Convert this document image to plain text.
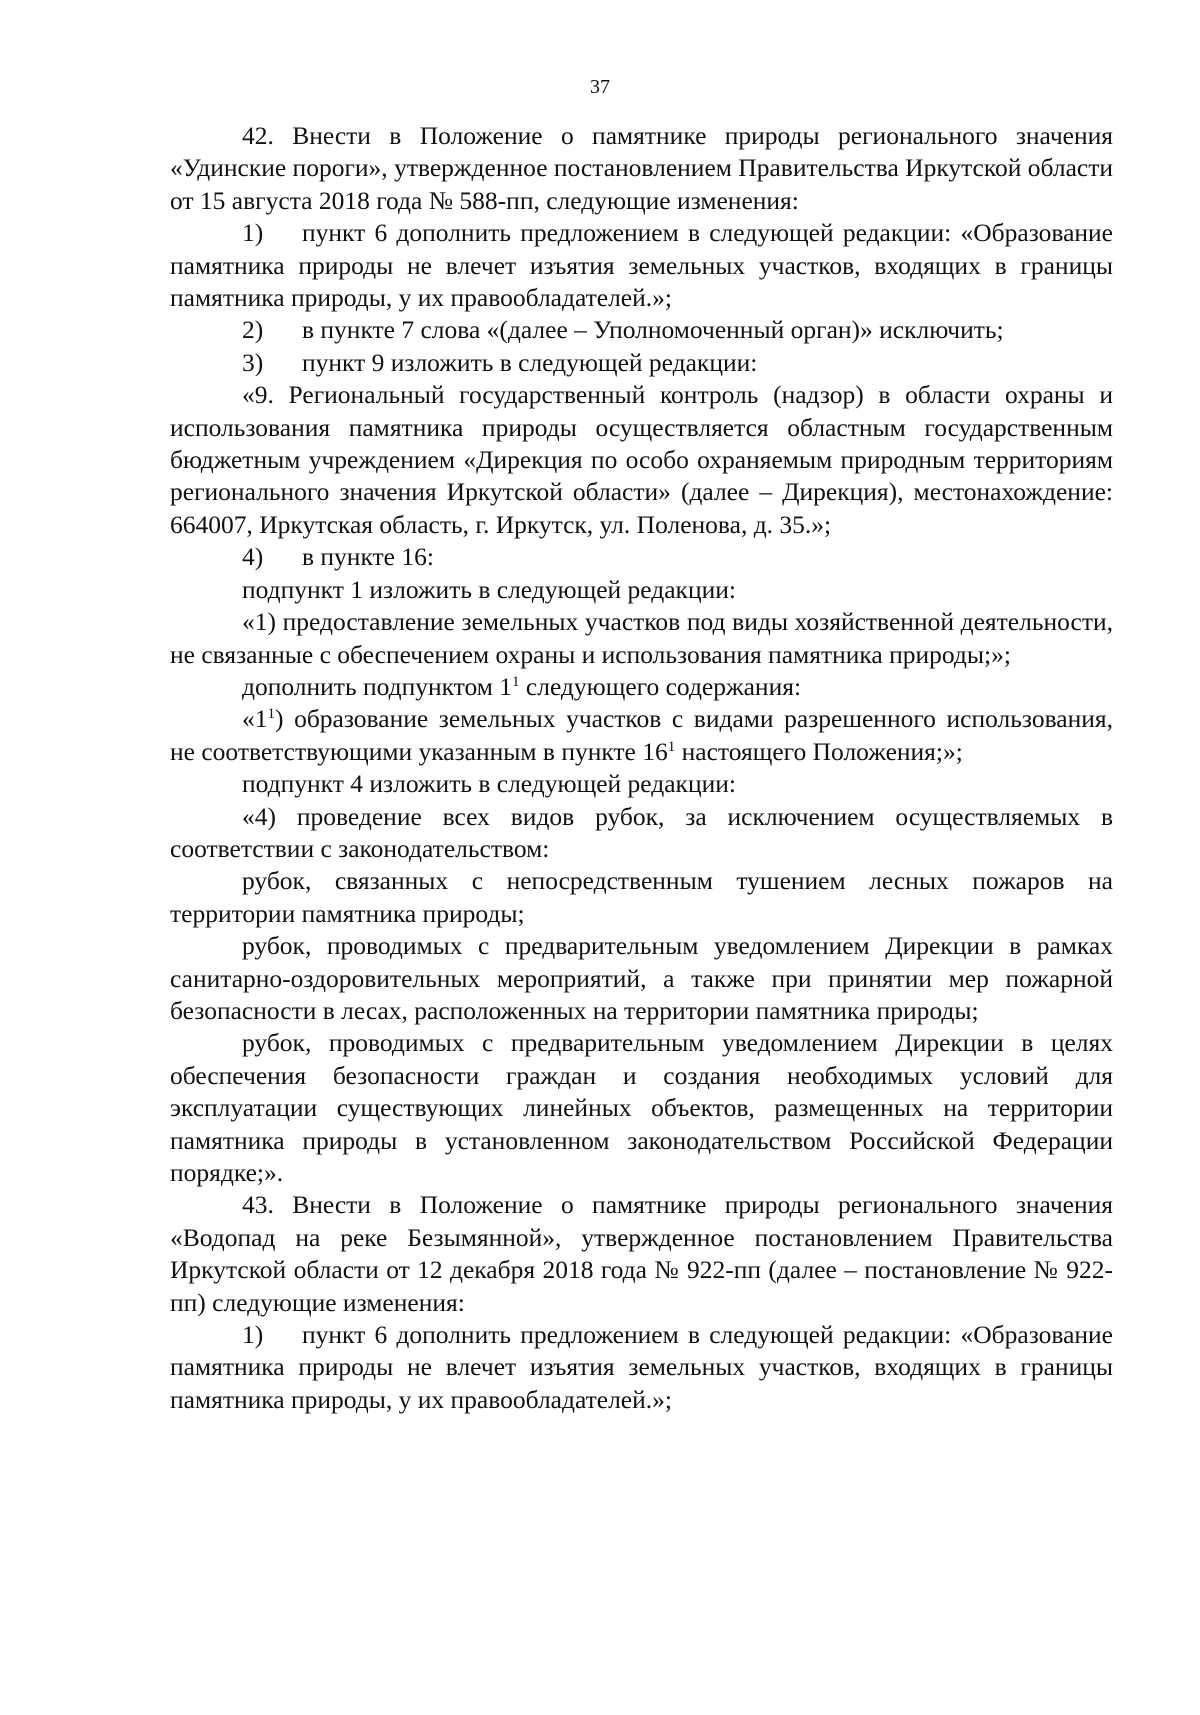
37

42. Внести в Положение о памятнике природы регионального значения «Удинские пороги», утвержденное постановлением Правительства Иркутской области от 15 августа 2018 года № 588-пп, следующие изменения:

1) пункт 6 дополнить предложением в следующей редакции: «Образование памятника природы не влечет изъятия земельных участков, входящих в границы памятника природы, у их правообладателей.»;

2) в пункте 7 слова «(далее – Уполномоченный орган)» исключить;

3) пункт 9 изложить в следующей редакции:

«9. Региональный государственный контроль (надзор) в области охраны и использования памятника природы осуществляется областным государственным бюджетным учреждением «Дирекция по особо охраняемым природным территориям регионального значения Иркутской области» (далее – Дирекция), местонахождение: 664007, Иркутская область, г. Иркутск, ул. Поленова, д. 35.»;

4) в пункте 16:

подпункт 1 изложить в следующей редакции:

«1) предоставление земельных участков под виды хозяйственной деятельности, не связанные с обеспечением охраны и использования памятника природы;»;

дополнить подпунктом $1^1$ следующего содержания:

«$1^1$) образование земельных участков с видами разрешенного использования, не соответствующими указанным в пункте $16^1$ настоящего Положения;»;

подпункт 4 изложить в следующей редакции:

«4) проведение всех видов рубок, за исключением осуществляемых в соответствии с законодательством:

рубок, связанных с непосредственным тушением лесных пожаров на территории памятника природы;

рубок, проводимых с предварительным уведомлением Дирекции в рамках санитарно-оздоровительных мероприятий, а также при принятии мер пожарной безопасности в лесах, расположенных на территории памятника природы;

рубок, проводимых с предварительным уведомлением Дирекции в целях обеспечения безопасности граждан и создания необходимых условий для эксплуатации существующих линейных объектов, размещенных на территории памятника природы в установленном законодательством Российской Федерации порядке;».

43. Внести в Положение о памятнике природы регионального значения «Водопад на реке Безымянной», утвержденное постановлением Правительства Иркутской области от 12 декабря 2018 года № 922-пп (далее – постановление № 922-пп) следующие изменения:

1) пункт 6 дополнить предложением в следующей редакции: «Образование памятника природы не влечет изъятия земельных участков, входящих в границы памятника природы, у их правообладателей.»;
